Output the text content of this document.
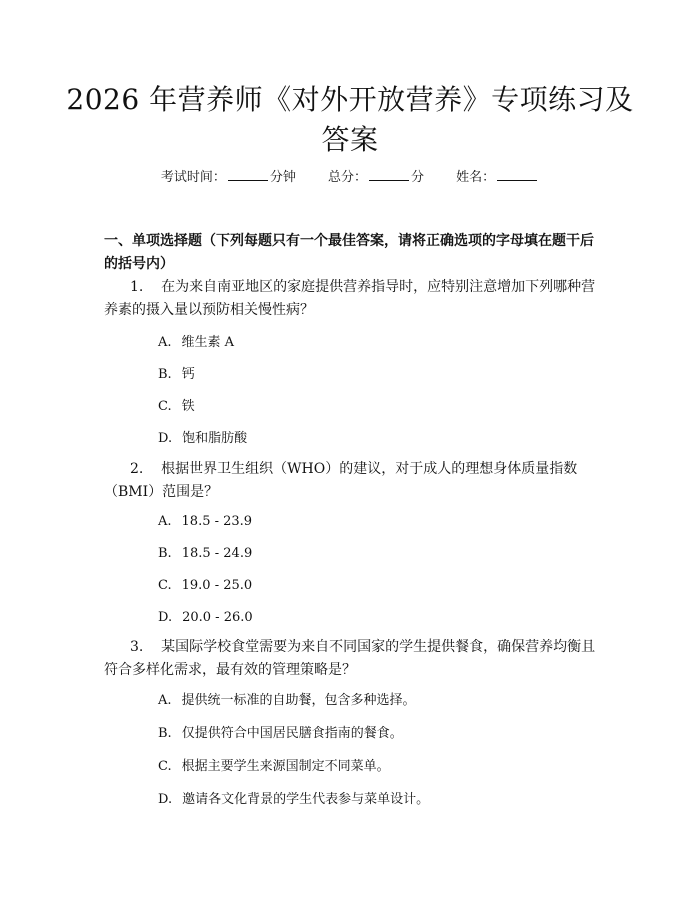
2026 年营养师《对外开放营养》专项练习及
答案
考试时间：	分钟 总分：	分 姓名：
一、单项选择题（下列每题只有一个最佳答案，请将正确选项的字母填在题干后的括号内）
1. 在为来自南亚地区的家庭提供营养指导时，应特别注意增加下列哪种营养素的摄入量以预防相关慢性病？
A. 维生素 A
B. 钙
C. 铁
D. 饱和脂肪酸
2. 根据世界卫生组织（WHO）的建议，对于成人的理想身体质量指数（BMI）范围是？
A. 18.5 - 23.9
B. 18.5 - 24.9
C. 19.0 - 25.0
D. 20.0 - 26.0
3. 某国际学校食堂需要为来自不同国家的学生提供餐食，确保营养均衡且符合多样化需求，最有效的管理策略是？
A. 提供统一标准的自助餐，包含多种选择。
B. 仅提供符合中国居民膳食指南的餐食。
C. 根据主要学生来源国制定不同菜单。
D. 邀请各文化背景的学生代表参与菜单设计。
